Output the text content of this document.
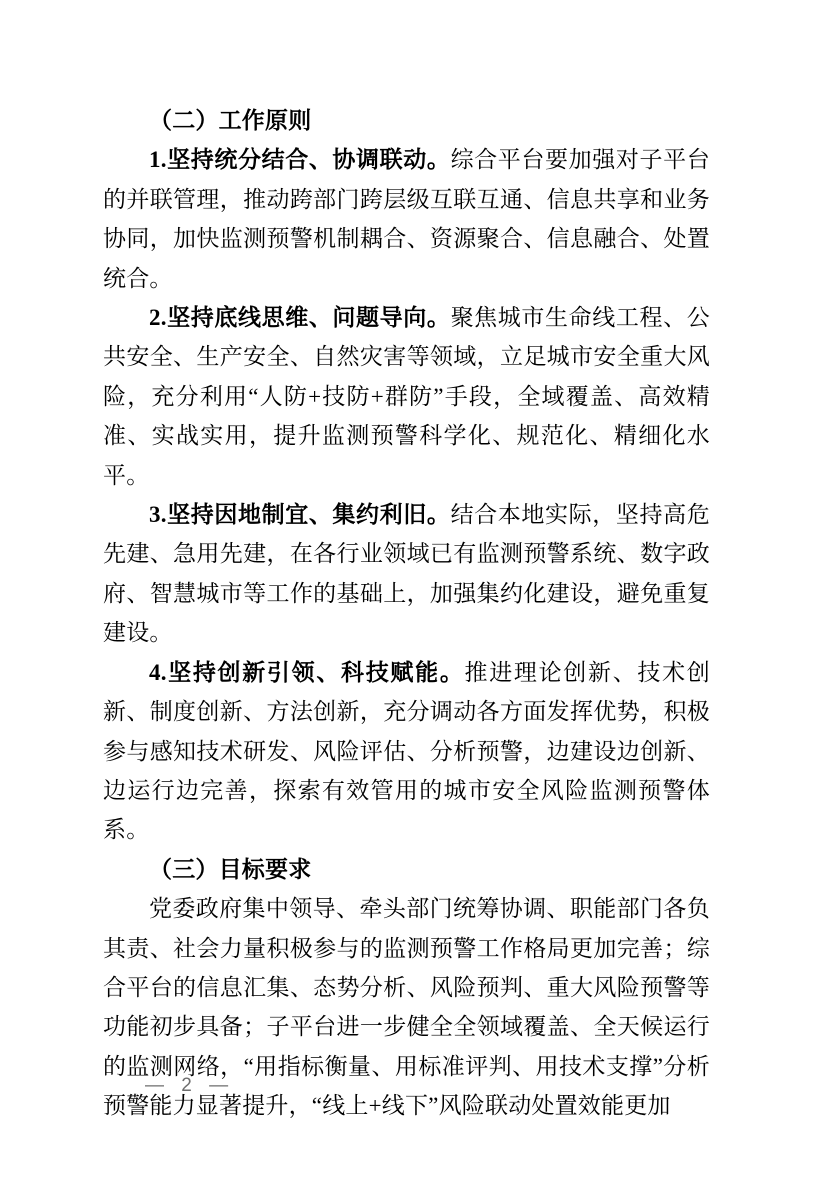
（二）工作原则

1.坚持统分结合、协调联动。综合平台要加强对子平台的并联管理，推动跨部门跨层级互联互通、信息共享和业务协同，加快监测预警机制耦合、资源聚合、信息融合、处置统合。

2.坚持底线思维、问题导向。聚焦城市生命线工程、公共安全、生产安全、自然灾害等领域，立足城市安全重大风险，充分利用“人防+技防+群防”手段，全域覆盖、高效精准、实战实用，提升监测预警科学化、规范化、精细化水平。

3.坚持因地制宜、集约利旧。结合本地实际，坚持高危先建、急用先建，在各行业领域已有监测预警系统、数字政府、智慧城市等工作的基础上，加强集约化建设，避免重复建设。

4.坚持创新引领、科技赋能。推进理论创新、技术创新、制度创新、方法创新，充分调动各方面发挥优势，积极参与感知技术研发、风险评估、分析预警，边建设边创新、边运行边完善，探索有效管用的城市安全风险监测预警体系。

（三）目标要求

党委政府集中领导、牵头部门统筹协调、职能部门各负其责、社会力量积极参与的监测预警工作格局更加完善；综合平台的信息汇集、态势分析、风险预判、重大风险预警等功能初步具备；子平台进一步健全全领域覆盖、全天候运行的监测网络，“用指标衡量、用标准评判、用技术支撑”分析预警能力显著提升，“线上+线下”风险联动处置效能更加

— 2 —
